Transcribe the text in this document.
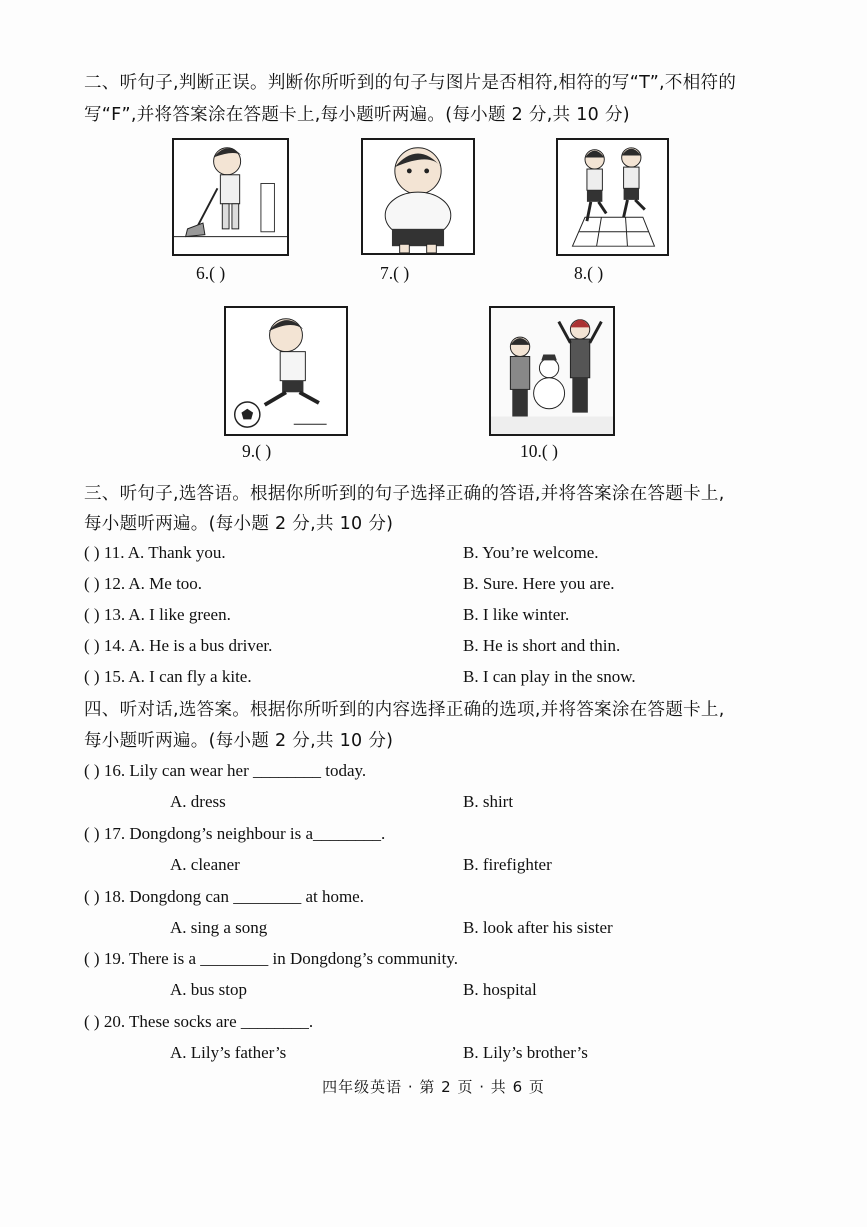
二、听句子,判断正误。判断你所听到的句子与图片是否相符,相符的写“T”,不相符的
写“F”,并将答案涂在答题卡上,每小题听两遍。(每小题 2 分,共 10 分)
6.( )	7.( )	8.( )
9.( )	10.( )
三、听句子,选答语。根据你所听到的句子选择正确的答语,并将答案涂在答题卡上,
每小题听两遍。(每小题 2 分,共 10 分)
( ) 11. A. Thank you.	B. You’re welcome.
( ) 12. A. Me too.	B. Sure. Here you are.
( ) 13. A. I like green.	B. I like winter.
( ) 14. A. He is a bus driver.	B. He is short and thin.
( ) 15. A. I can fly a kite.	B. I can play in the snow.
四、听对话,选答案。根据你所听到的内容选择正确的选项,并将答案涂在答题卡上,
每小题听两遍。(每小题 2 分,共 10 分)
( ) 16. Lily can wear her ________ today.
A. dress	B. shirt
( ) 17. Dongdong’s neighbour is a________.
A. cleaner	B. firefighter
( ) 18. Dongdong can ________ at home.
A. sing a song	B. look after his sister
( ) 19. There is a ________ in Dongdong’s community.
A. bus stop	B. hospital
( ) 20. These socks are ________.
A. Lily’s father’s	B. Lily’s brother’s
四年级英语 · 第 2 页 · 共 6 页
